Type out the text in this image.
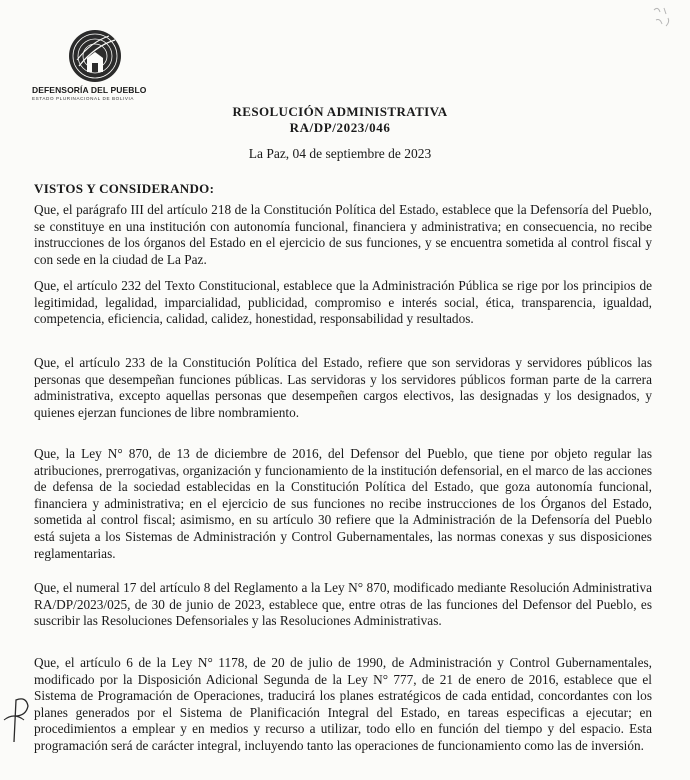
DEFENSORÍA DEL PUEBLO
ESTADO PLURINACIONAL DE BOLIVIA
RESOLUCIÓN ADMINISTRATIVA
RA/DP/2023/046
La Paz, 04 de septiembre de 2023
VISTOS Y CONSIDERANDO:

Que, el parágrafo III del artículo 218 de la Constitución Política del Estado, establece que la Defensoría del Pueblo, se constituye en una institución con autonomía funcional, financiera y administrativa; en consecuencia, no recibe instrucciones de los órganos del Estado en el ejercicio de sus funciones, y se encuentra sometida al control fiscal y con sede en la ciudad de La Paz.

Que, el artículo 232 del Texto Constitucional, establece que la Administración Pública se rige por los principios de legitimidad, legalidad, imparcialidad, publicidad, compromiso e interés social, ética, transparencia, igualdad, competencia, eficiencia, calidad, calidez, honestidad, responsabilidad y resultados.

Que, el artículo 233 de la Constitución Política del Estado, refiere que son servidoras y servidores públicos las personas que desempeñan funciones públicas. Las servidoras y los servidores públicos forman parte de la carrera administrativa, excepto aquellas personas que desempeñen cargos electivos, las designadas y los designados, y quienes ejerzan funciones de libre nombramiento.

Que, la Ley N° 870, de 13 de diciembre de 2016, del Defensor del Pueblo, que tiene por objeto regular las atribuciones, prerrogativas, organización y funcionamiento de la institución defensorial, en el marco de las acciones de defensa de la sociedad establecidas en la Constitución Política del Estado, que goza autonomía funcional, financiera y administrativa; en el ejercicio de sus funciones no recibe instrucciones de los Órganos del Estado, sometida al control fiscal; asimismo, en su artículo 30 refiere que la Administración de la Defensoría del Pueblo está sujeta a los Sistemas de Administración y Control Gubernamentales, las normas conexas y sus disposiciones reglamentarias.

Que, el numeral 17 del artículo 8 del Reglamento a la Ley N° 870, modificado mediante Resolución Administrativa RA/DP/2023/025, de 30 de junio de 2023, establece que, entre otras de las funciones del Defensor del Pueblo, es suscribir las Resoluciones Defensoriales y las Resoluciones Administrativas.

Que, el artículo 6 de la Ley N° 1178, de 20 de julio de 1990, de Administración y Control Gubernamentales, modificado por la Disposición Adicional Segunda de la Ley N° 777, de 21 de enero de 2016, establece que el Sistema de Programación de Operaciones, traducirá los planes estratégicos de cada entidad, concordantes con los planes generados por el Sistema de Planificación Integral del Estado, en tareas especificas a ejecutar; en procedimientos a emplear y en medios y recurso a utilizar, todo ello en función del tiempo y del espacio. Esta programación será de carácter integral, incluyendo tanto las operaciones de funcionamiento como las de inversión.
